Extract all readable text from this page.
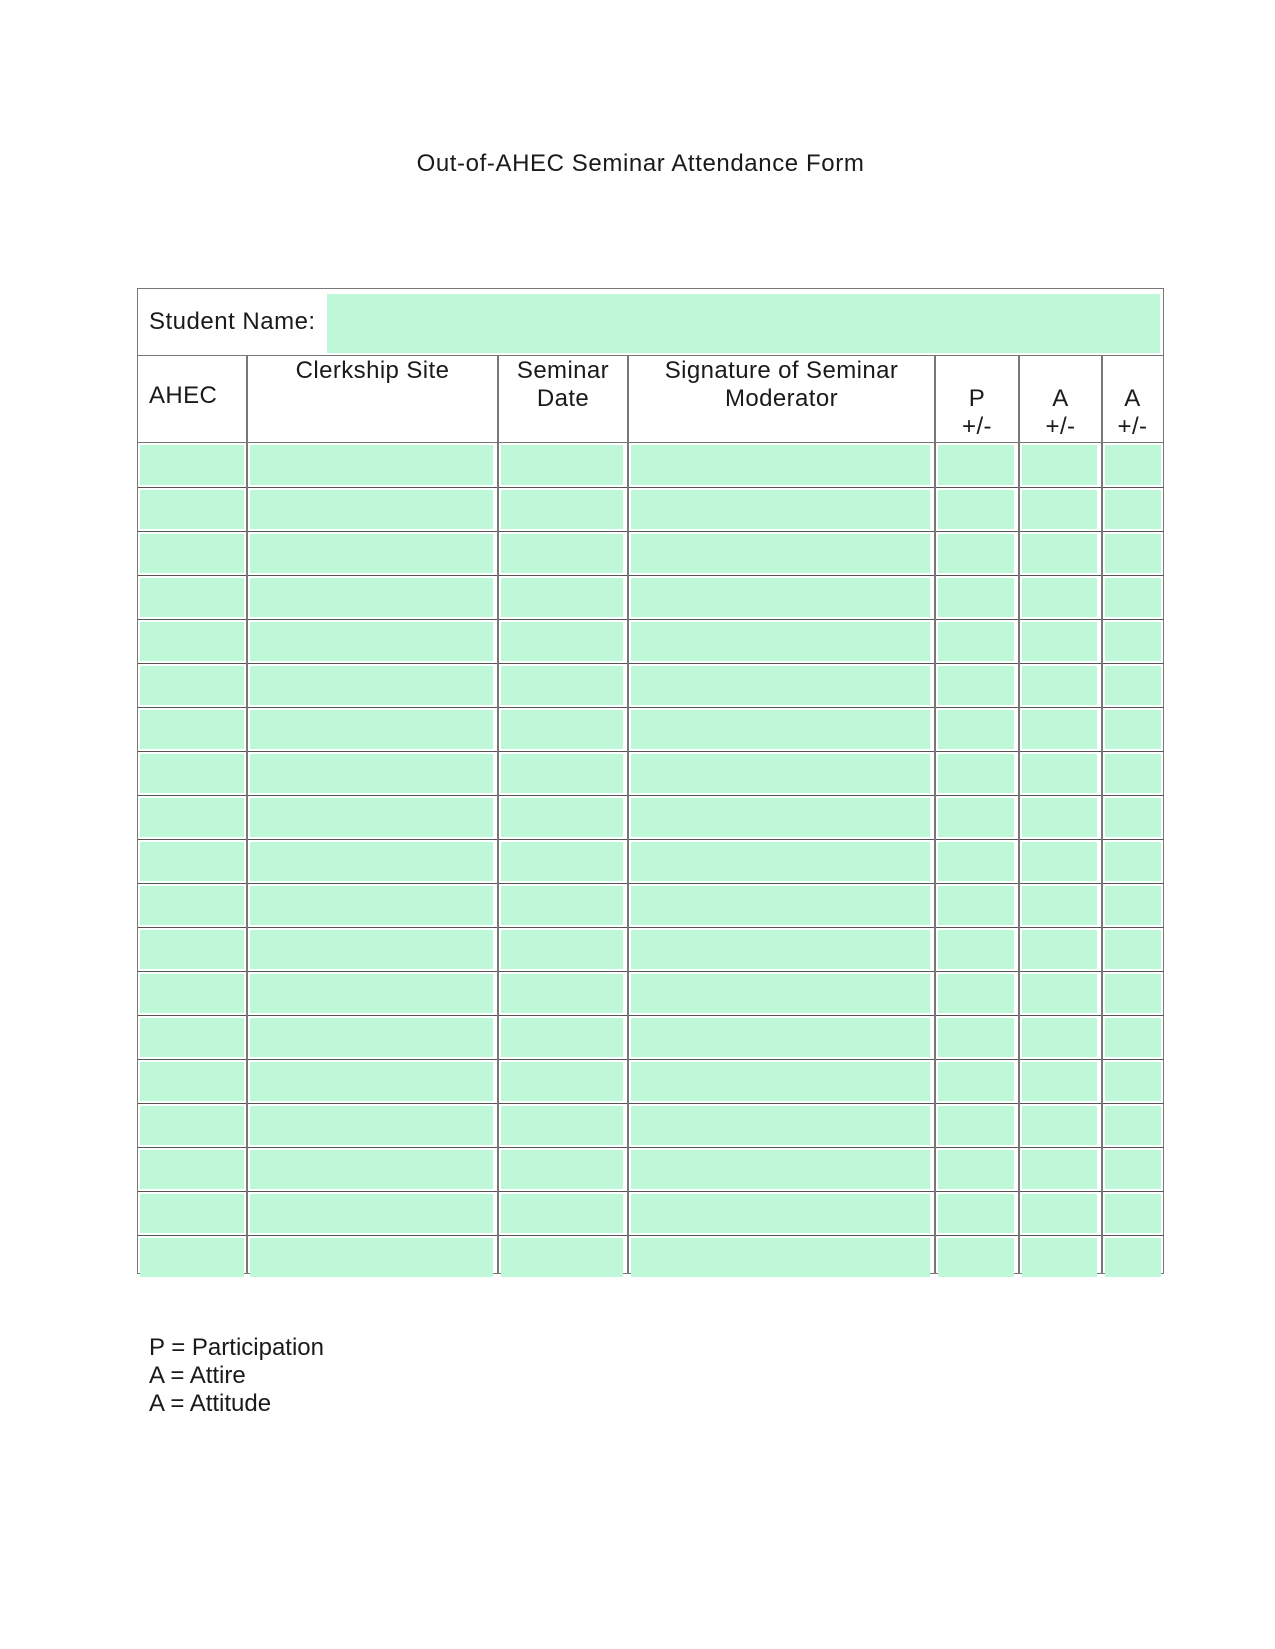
Out-of-AHEC Seminar Attendance Form
Student Name:
AHEC
Clerkship Site	Seminar
Date
Signature of Seminar
Moderator	P
+/-
A
+/-
A
+/-
P = Participation
A = Attire
A = Attitude
